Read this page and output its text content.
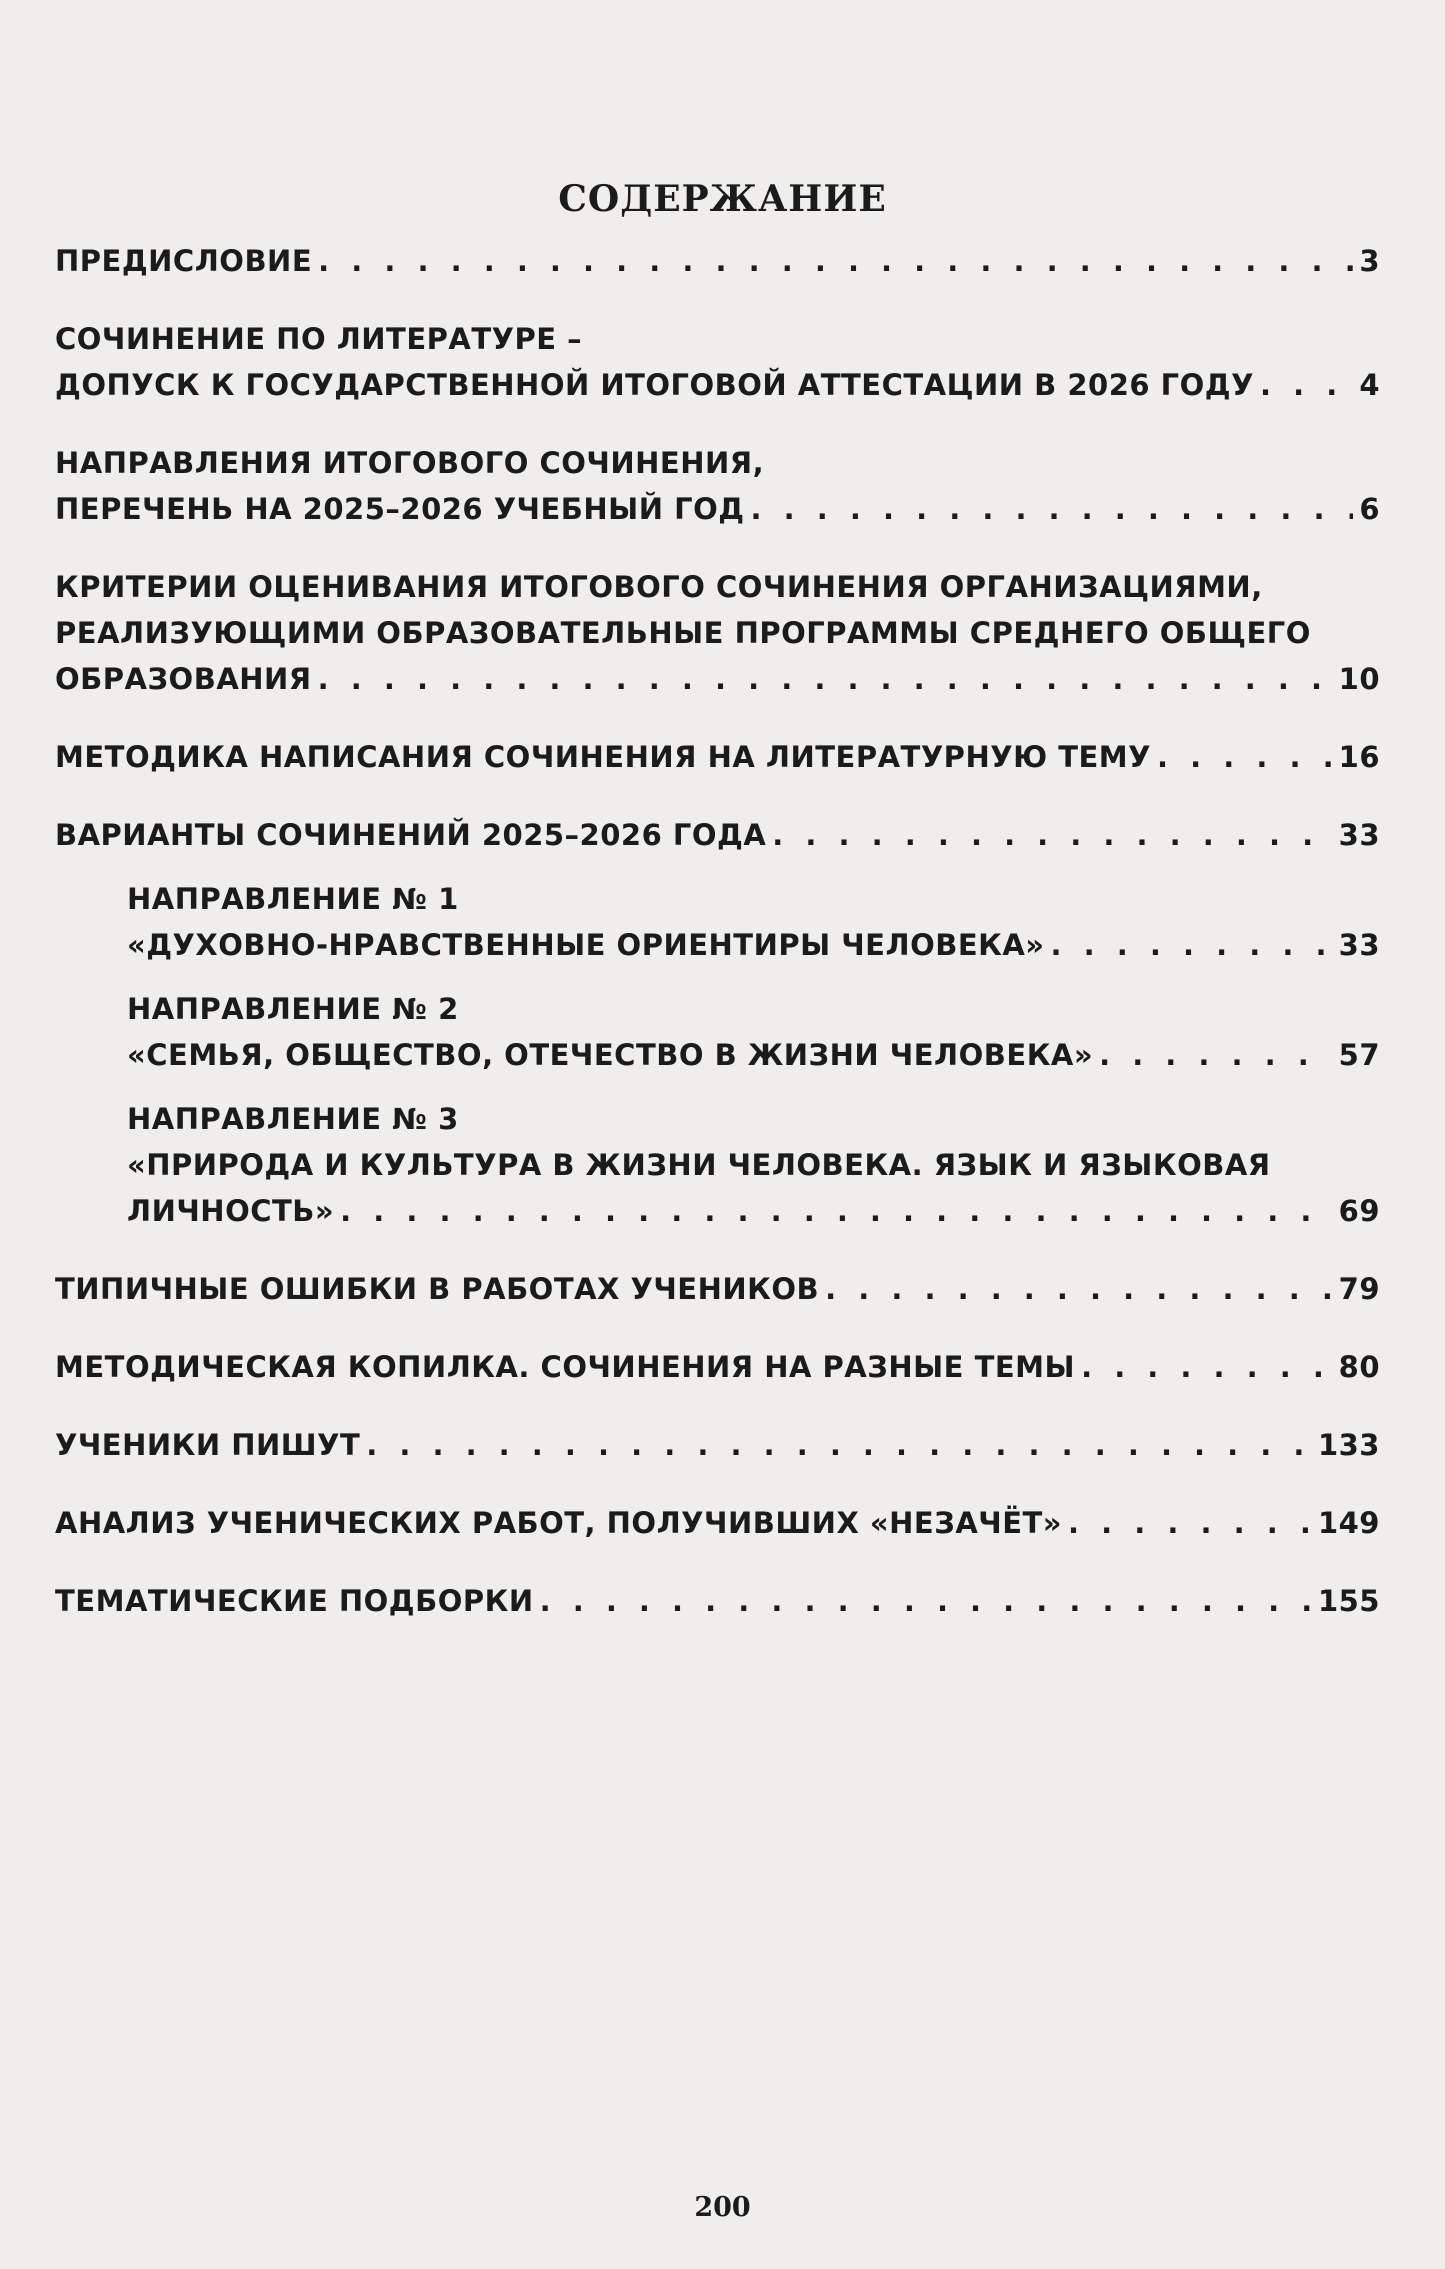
СОДЕРЖАНИЕ
ПРЕДИСЛОВИЕ . . .	3
СОЧИНЕНИЕ ПО ЛИТЕРАТУРЕ –
ДОПУСК К ГОСУДАРСТВЕННОЙ ИТОГОВОЙ АТТЕСТАЦИИ В 2026 ГОДУ . . .	4
НАПРАВЛЕНИЯ ИТОГОВОГО СОЧИНЕНИЯ,
ПЕРЕЧЕНЬ НА 2025–2026 УЧЕБНЫЙ ГОД . . .	6
КРИТЕРИИ ОЦЕНИВАНИЯ ИТОГОВОГО СОЧИНЕНИЯ ОРГАНИЗАЦИЯМИ,
РЕАЛИЗУЮЩИМИ ОБРАЗОВАТЕЛЬНЫЕ ПРОГРАММЫ СРЕДНЕГО ОБЩЕГО
ОБРАЗОВАНИЯ . . .	10
МЕТОДИКА НАПИСАНИЯ СОЧИНЕНИЯ НА ЛИТЕРАТУРНУЮ ТЕМУ . . .	16
ВАРИАНТЫ СОЧИНЕНИЙ 2025–2026 ГОДА . . .	33
НАПРАВЛЕНИЕ № 1
«ДУХОВНО-НРАВСТВЕННЫЕ ОРИЕНТИРЫ ЧЕЛОВЕКА» . . .	33
НАПРАВЛЕНИЕ № 2
«СЕМЬЯ, ОБЩЕСТВО, ОТЕЧЕСТВО В ЖИЗНИ ЧЕЛОВЕКА» . . .	57
НАПРАВЛЕНИЕ № 3
«ПРИРОДА И КУЛЬТУРА В ЖИЗНИ ЧЕЛОВЕКА. ЯЗЫК И ЯЗЫКОВАЯ
ЛИЧНОСТЬ» . . .	69
ТИПИЧНЫЕ ОШИБКИ В РАБОТАХ УЧЕНИКОВ . . .	79
МЕТОДИЧЕСКАЯ КОПИЛКА. СОЧИНЕНИЯ НА РАЗНЫЕ ТЕМЫ . . .	80
УЧЕНИКИ ПИШУТ . . .	133
АНАЛИЗ УЧЕНИЧЕСКИХ РАБОТ, ПОЛУЧИВШИХ «НЕЗАЧЁТ» . . .	149
ТЕМАТИЧЕСКИЕ ПОДБОРКИ . . .	155
200
